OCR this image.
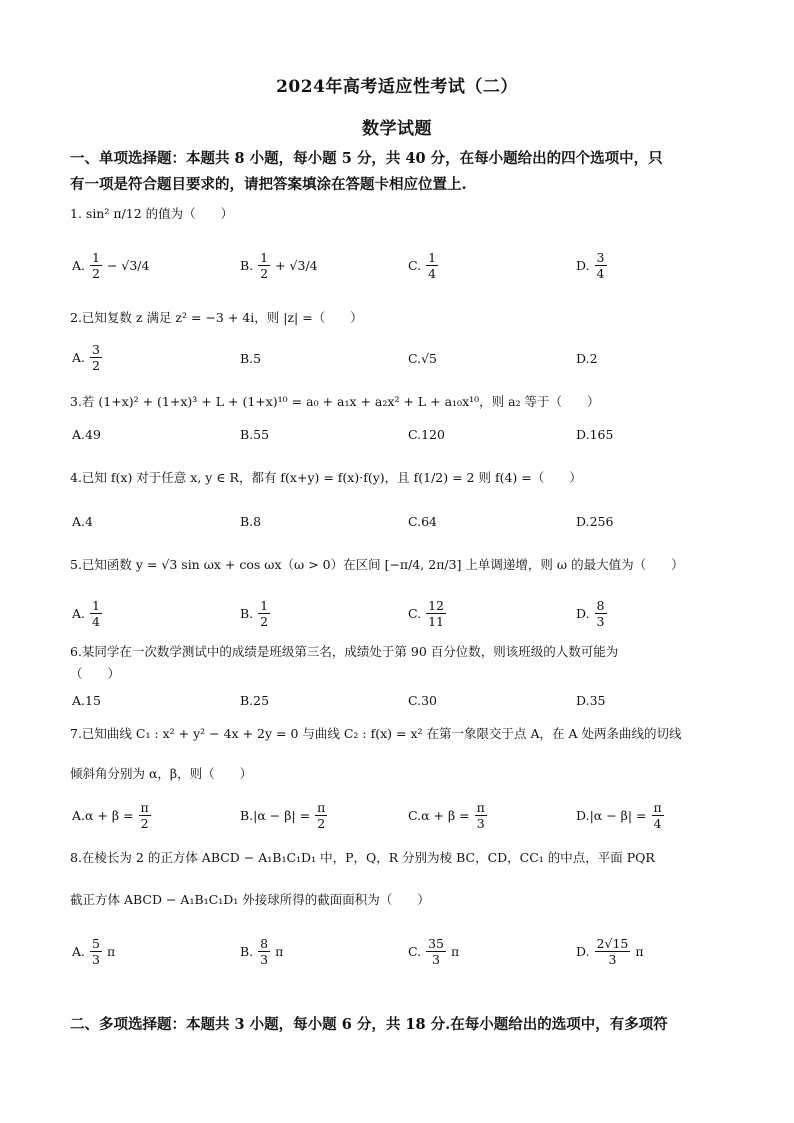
2024年高考适应性考试（二）
数学试题
一、单项选择题：本题共 8 小题，每小题 5 分，共 40 分，在每小题给出的四个选项中，只
有一项是符合题目要求的，请把答案填涂在答题卡相应位置上.
1. sin² π/12 的值为（　　）
A. $\frac{1}{2} - √3/4$	B. $\frac{1}{2} + √3/4$	C. $\frac{1}{4}$	D. $\frac{3}{4}$
2.已知复数 z 满足 z² = −3 + 4i，则 |z| =（　　）
A. $\frac{3}{2}$	B.5	C.√5	D.2
3.若 (1+x)² + (1+x)³ + L + (1+x)¹⁰ = a₀ + a₁x + a₂x² + L + a₁₀x¹⁰，则 a₂ 等于（　　）
A.49	B.55	C.120	D.165
4.已知 f(x) 对于任意 x, y ∈ R，都有 f(x+y) = f(x)·f(y)，且 f(1/2) = 2 则 f(4) =（　　）
A.4	B.8	C.64	D.256
5.已知函数 y = √3 sin ωx + cos ωx（ω > 0）在区间 [−π/4, 2π/3] 上单调递增，则 ω 的最大值为（　　）
A. $\frac{1}{4}$	B. $\frac{1}{2}$	C. $\frac{12}{11}$	D. $\frac{8}{3}$
6.某同学在一次数学测试中的成绩是班级第三名，成绩处于第 90 百分位数，则该班级的人数可能为
（　　）
A.15	B.25	C.30	D.35
7.已知曲线 C₁ : x² + y² − 4x + 2y = 0 与曲线 C₂ : f(x) = x² 在第一象限交于点 A，在 A 处两条曲线的切线
倾斜角分别为 α，β，则（　　）
$A.\alpha + \beta = \frac{\pi}{2}$	$B.|\alpha - \beta| = \frac{\pi}{2}$	$C.\alpha + \beta = \frac{\pi}{3}$	$D.|\alpha - \beta| = \frac{\pi}{4}$
8.在棱长为 2 的正方体 ABCD − A₁B₁C₁D₁ 中，P，Q，R 分别为棱 BC，CD，CC₁ 的中点，平面 PQR
截正方体 ABCD − A₁B₁C₁D₁ 外接球所得的截面面积为（　　）
A. $\frac{5}{3}$ π	B. $\frac{8}{3}$ π	C. $\frac{35}{3}$ π	D. $\frac{2√15}{3}$ π
二、多项选择题：本题共 3 小题，每小题 6 分，共 18 分.在每小题给出的选项中，有多项符
